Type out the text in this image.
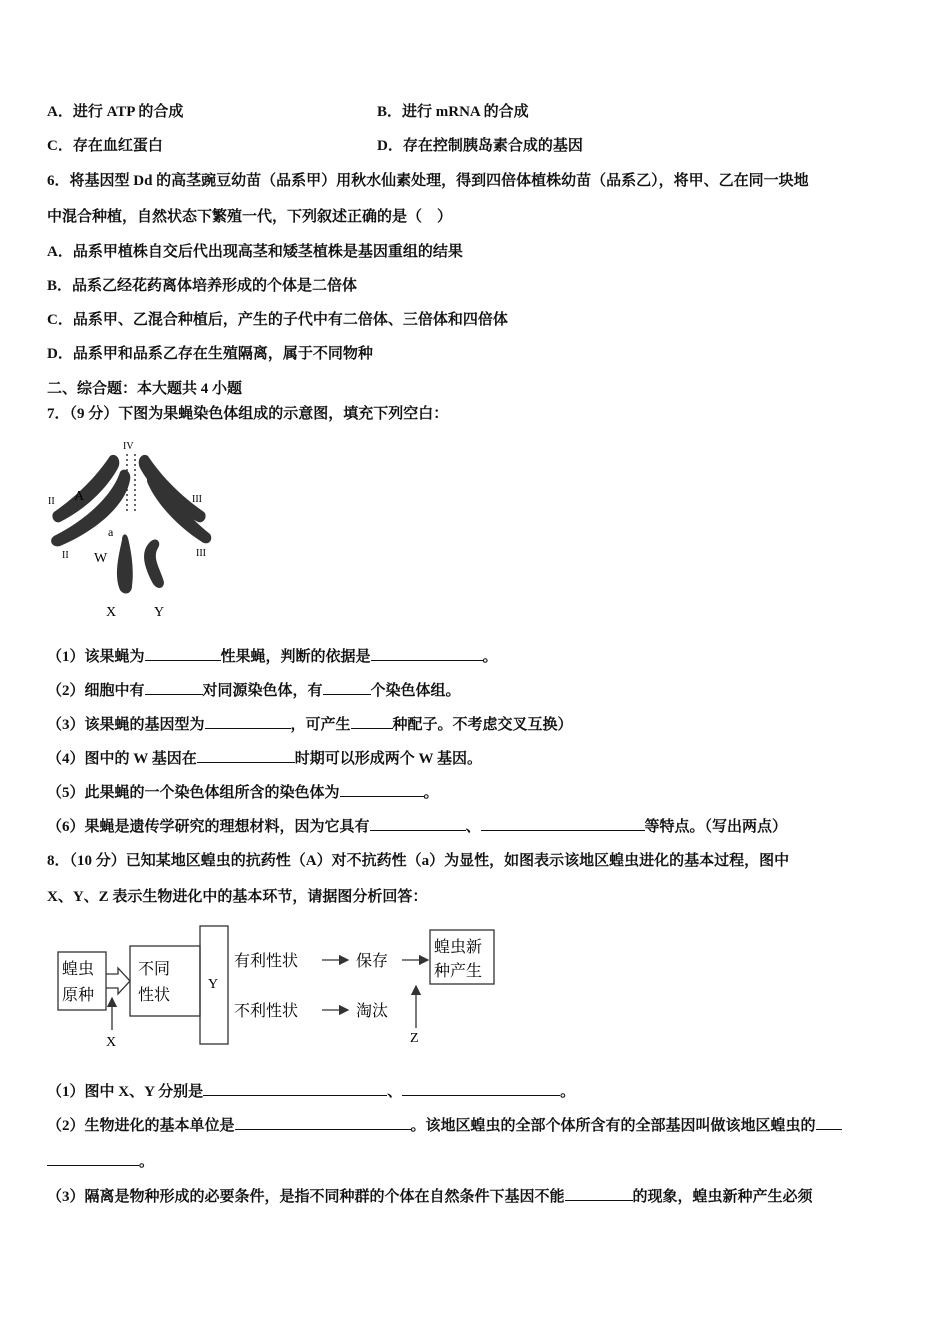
A．进行 ATP 的合成	B．进行 mRNA 的合成
C．存在血红蛋白	D．存在控制胰岛素合成的基因
6．将基因型 Dd 的高茎豌豆幼苗（品系甲）用秋水仙素处理，得到四倍体植株幼苗（品系乙），将甲、乙在同一块地
中混合种植，自然状态下繁殖一代，下列叙述正确的是（　）
A．品系甲植株自交后代出现高茎和矮茎植株是基因重组的结果
B．品系乙经花药离体培养形成的个体是二倍体
C．品系甲、乙混合种植后，产生的子代中有二倍体、三倍体和四倍体
D．品系甲和品系乙存在生殖隔离，属于不同物种
二、综合题：本大题共 4 小题
7．（9 分）下图为果蝇染色体组成的示意图，填充下列空白：
IV
II A	III
a
II W	III
X	Y
（1）该果蝇为	性果蝇，判断的依据是	。
（2）细胞中有	对同源染色体，有	个染色体组。
（3）该果蝇的基因型为	，可产生	种配子。不考虑交叉互换）
（4）图中的 W 基因在	时期可以形成两个 W 基因。
（5）此果蝇的一个染色体组所含的染色体为	。
（6）果蝇是遗传学研究的理想材料，因为它具有	、	等特点。（写出两点）
8．（10 分）已知某地区蝗虫的抗药性（A）对不抗药性（a）为显性，如图表示该地区蝗虫进化的基本过程，图中
X、Y、Z 表示生物进化中的基本环节，请据图分析回答：
蝗虫
原种
不同
性状
Y
有利性状	保存
不利性状	淘汰
蝗虫新
种产生
X	Z
（1）图中 X、Y 分别是	、	。
（2）生物进化的基本单位是	。该地区蝗虫的全部个体所含有的全部基因叫做该地区蝗虫的
。
（3）隔离是物种形成的必要条件，是指不同种群的个体在自然条件下基因不能	的现象，蝗虫新种产生必须
